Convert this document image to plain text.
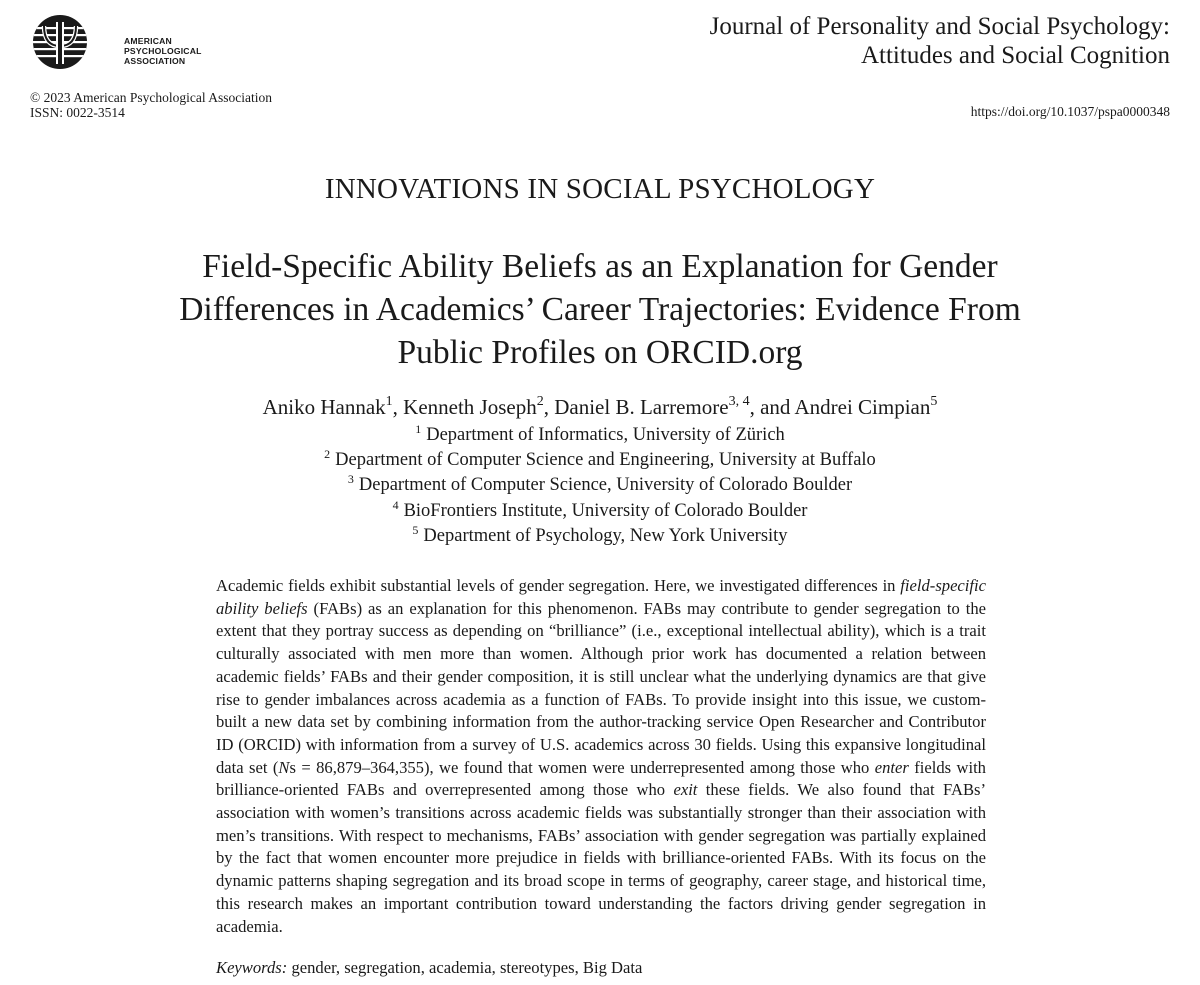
AMERICAN
PSYCHOLOGICAL
ASSOCIATION
Journal of Personality and Social Psychology:
Attitudes and Social Cognition
© 2023 American Psychological Association
ISSN: 0022-3514	https://doi.org/10.1037/pspa0000348
INNOVATIONS IN SOCIAL PSYCHOLOGY
Field-Specific Ability Beliefs as an Explanation for Gender
Differences in Academics’ Career Trajectories: Evidence From
Public Profiles on ORCID.org
Aniko Hannak$^1$, Kenneth Joseph$^2$, Daniel B. Larremore$^{3, 4}$, and Andrei Cimpian$^5$
$^1$ Department of Informatics, University of Zürich
$^2$ Department of Computer Science and Engineering, University at Buffalo
$^3$ Department of Computer Science, University of Colorado Boulder
$^4$ BioFrontiers Institute, University of Colorado Boulder
$^5$ Department of Psychology, New York University
Academic fields exhibit substantial levels of gender segregation. Here, we investigated differences in field-specific ability beliefs (FABs) as an explanation for this phenomenon. FABs may contribute to gender segregation to the extent that they portray success as depending on “brilliance” (i.e., exceptional intellectual ability), which is a trait culturally associated with men more than women. Although prior work has documented a relation between academic fields’ FABs and their gender composition, it is still unclear what the underlying dynamics are that give rise to gender imbalances across academia as a function of FABs. To provide insight into this issue, we custom-built a new data set by combining information from the author-tracking service Open Researcher and Contributor ID (ORCID) with information from a survey of U.S. academics across 30 fields. Using this expansive longitudinal data set (Ns = 86,879–364,355), we found that women were underrepresented among those who enter fields with brilliance-oriented FABs and overrepresented among those who exit these fields. We also found that FABs’ association with women’s transitions across academic fields was substantially stronger than their association with men’s transitions. With respect to mechanisms, FABs’ association with gender segregation was partially explained by the fact that women encounter more prejudice in fields with brilliance-oriented FABs. With its focus on the dynamic patterns shaping segregation and its broad scope in terms of geography, career stage, and historical time, this research makes an important contribution toward understanding the factors driving gender segregation in academia.
Keywords: gender, segregation, academia, stereotypes, Big Data
